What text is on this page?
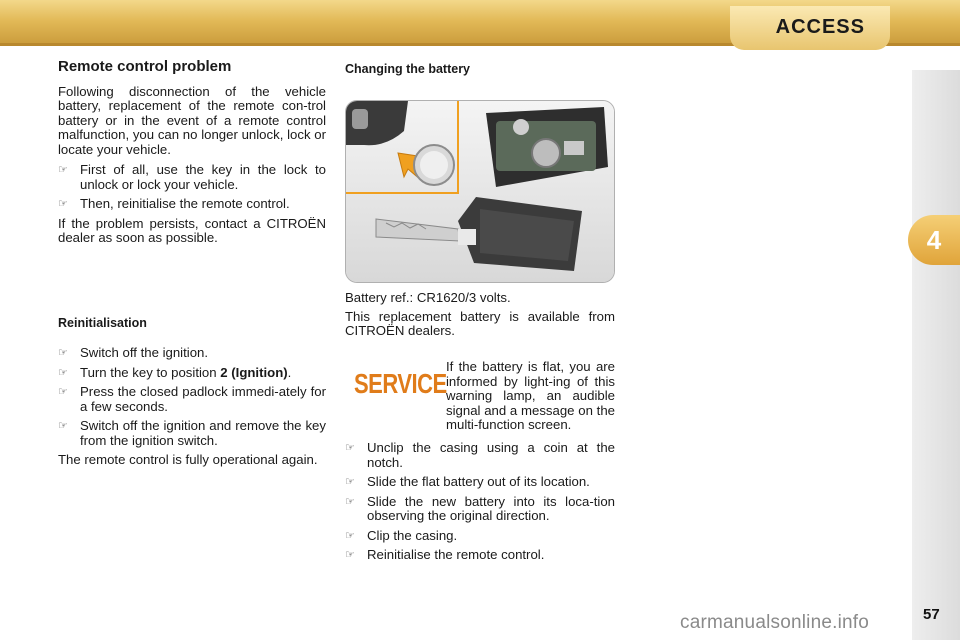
ACCESS
4
Remote control problem

Following disconnection of the vehicle battery, replacement of the remote con-trol battery or in the event of a remote control malfunction, you can no longer unlock, lock or locate your vehicle.

☞ First of all, use the key in the lock to unlock or lock your vehicle.
☞ Then, reinitialise the remote control.

If the problem persists, contact a CITROËN dealer as soon as possible.

Reinitialisation
☞ Switch off the ignition.
☞ Turn the key to position 2 (Ignition).
☞ Press the closed padlock immedi-ately for a few seconds.
☞ Switch off the ignition and remove the key from the ignition switch.

The remote control is fully operational again.

Changing the battery

Battery ref.: CR1620/3 volts.

This replacement battery is available from CITROËN dealers.

SERVICE

If the battery is flat, you are informed by light-ing of this warning lamp, an audible signal and a message on the multi-function screen.

☞ Unclip the casing using a coin at the notch.
☞ Slide the flat battery out of its location.
☞ Slide the new battery into its loca-tion observing the original direction.
☞ Clip the casing.
☞ Reinitialise the remote control.
57
carmanualsonline.info
